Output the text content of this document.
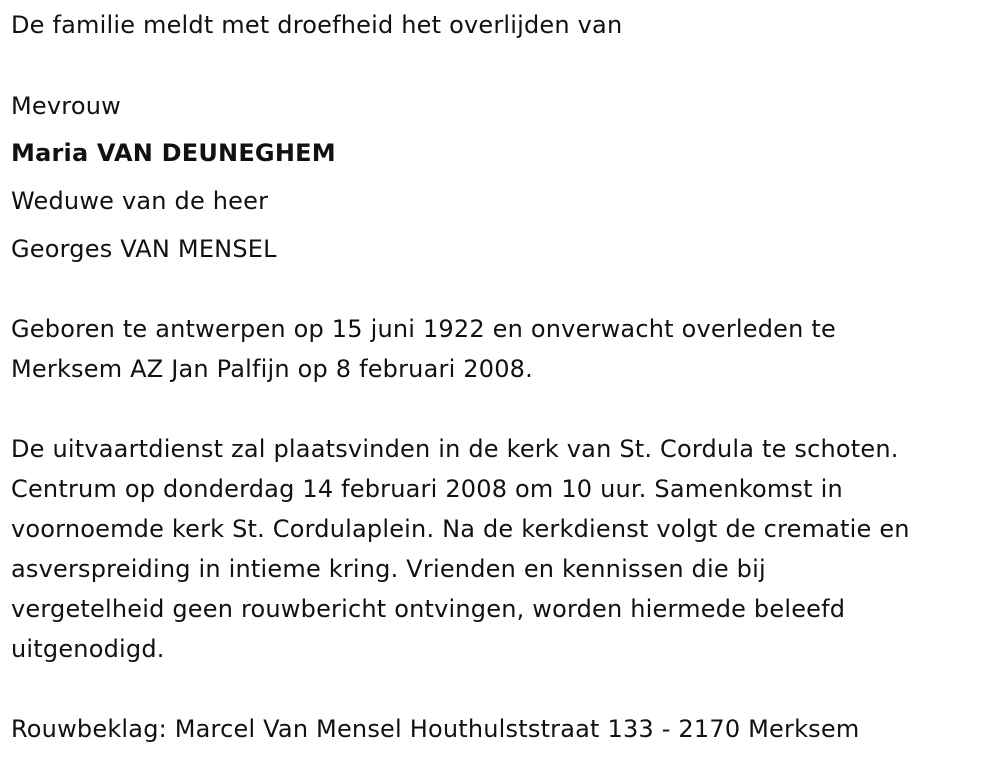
De familie meldt met droefheid het overlijden van
Mevrouw
Maria VAN DEUNEGHEM
Weduwe van de heer
Georges VAN MENSEL
Geboren te antwerpen op 15 juni 1922 en onverwacht overleden te
Merksem AZ Jan Palfijn op 8 februari 2008.
De uitvaartdienst zal plaatsvinden in de kerk van St. Cordula te schoten.
Centrum op donderdag 14 februari 2008 om 10 uur. Samenkomst in
voornoemde kerk St. Cordulaplein. Na de kerkdienst volgt de crematie en
asverspreiding in intieme kring. Vrienden en kennissen die bij
vergetelheid geen rouwbericht ontvingen, worden hiermede beleefd
uitgenodigd.
Rouwbeklag: Marcel Van Mensel Houthulststraat 133 - 2170 Merksem
